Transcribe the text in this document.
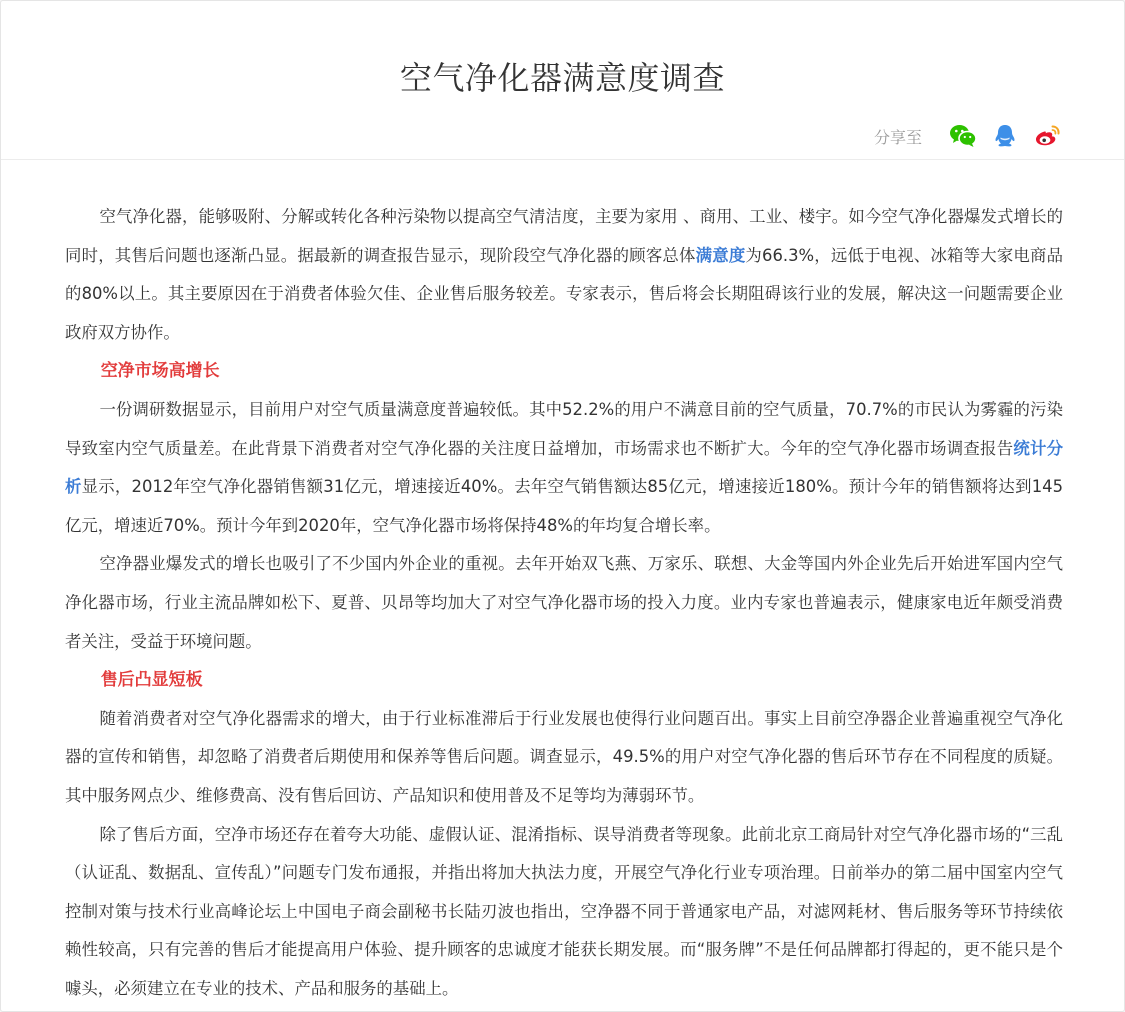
空气净化器满意度调查
分享至

空气净化器，能够吸附、分解或转化各种污染物以提高空气清洁度，主要为家用 、商用、工业、楼宇。如今空气净化器爆发式增长的同时，其售后问题也逐渐凸显。据最新的调查报告显示，现阶段空气净化器的顾客总体满意度为66.3%，远低于电视、冰箱等大家电商品的80%以上。其主要原因在于消费者体验欠佳、企业售后服务较差。专家表示，售后将会长期阻碍该行业的发展，解决这一问题需要企业政府双方协作。

空净市场高增长

一份调研数据显示，目前用户对空气质量满意度普遍较低。其中52.2%的用户不满意目前的空气质量，70.7%的市民认为雾霾的污染导致室内空气质量差。在此背景下消费者对空气净化器的关注度日益增加，市场需求也不断扩大。今年的空气净化器市场调查报告统计分析显示，2012年空气净化器销售额31亿元，增速接近40%。去年空气销售额达85亿元，增速接近180%。预计今年的销售额将达到145亿元，增速近70%。预计今年到2020年，空气净化器市场将保持48%的年均复合增长率。

空净器业爆发式的增长也吸引了不少国内外企业的重视。去年开始双飞燕、万家乐、联想、大金等国内外企业先后开始进军国内空气净化器市场，行业主流品牌如松下、夏普、贝昂等均加大了对空气净化器市场的投入力度。业内专家也普遍表示，健康家电近年颇受消费者关注，受益于环境问题。

售后凸显短板

随着消费者对空气净化器需求的增大，由于行业标准滞后于行业发展也使得行业问题百出。事实上目前空净器企业普遍重视空气净化器的宣传和销售，却忽略了消费者后期使用和保养等售后问题。调查显示，49.5%的用户对空气净化器的售后环节存在不同程度的质疑。其中服务网点少、维修费高、没有售后回访、产品知识和使用普及不足等均为薄弱环节。

除了售后方面，空净市场还存在着夸大功能、虚假认证、混淆指标、误导消费者等现象。此前北京工商局针对空气净化器市场的“三乱（认证乱、数据乱、宣传乱）”问题专门发布通报，并指出将加大执法力度，开展空气净化行业专项治理。日前举办的第二届中国室内空气控制对策与技术行业高峰论坛上中国电子商会副秘书长陆刃波也指出，空净器不同于普通家电产品，对滤网耗材、售后服务等环节持续依赖性较高，只有完善的售后才能提高用户体验、提升顾客的忠诚度才能获长期发展。而“服务牌”不是任何品牌都打得起的，更不能只是个噱头，必须建立在专业的技术、产品和服务的基础上。
